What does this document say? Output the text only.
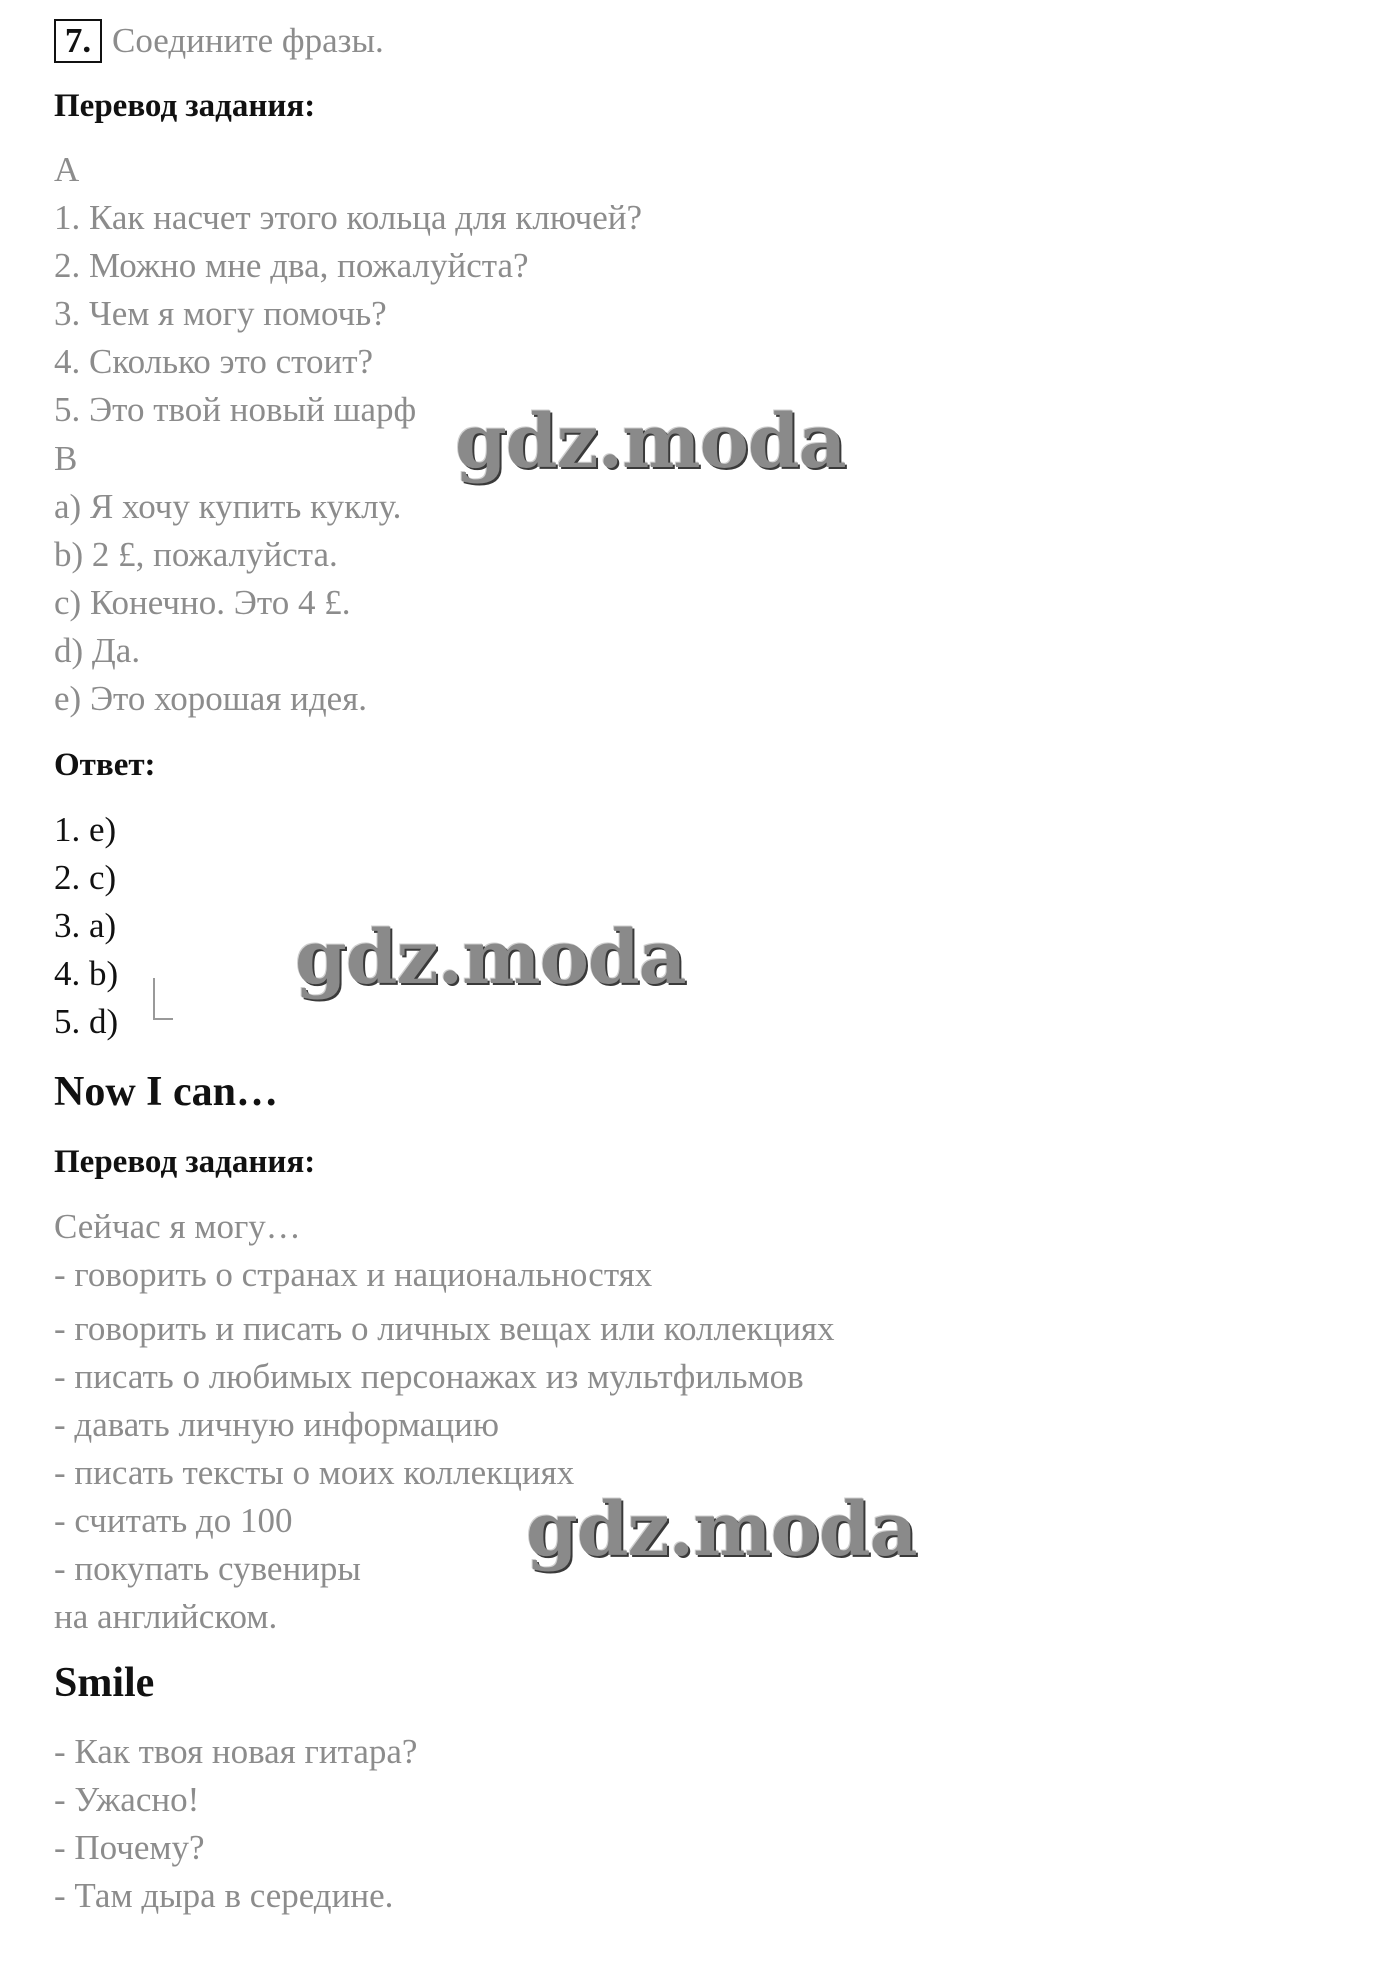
7. Соедините фразы.
Перевод задания:
A
1. Как насчет этого кольца для ключей?
2. Можно мне два, пожалуйста?
3. Чем я могу помочь?
4. Сколько это стоит?
5. Это твой новый шарф
B
a) Я хочу купить куклу.
b) 2 £, пожалуйста.
c) Конечно. Это 4 £.
d) Да.
e) Это хорошая идея.
Ответ:
1. e)
2. c)
3. a)
4. b)
5. d)
Now I can…
Перевод задания:
Сейчас я могу…
- говорить о странах и национальностях
- говорить и писать о личных вещах или коллекциях
- писать о любимых персонажах из мультфильмов
- давать личную информацию
- писать тексты о моих коллекциях
- считать до 100
- покупать сувениры
на английском.
Smile
- Как твоя новая гитара?
- Ужасно!
- Почему?
- Там дыра в середине.
gdz.moda
gdz.moda
gdz.moda
